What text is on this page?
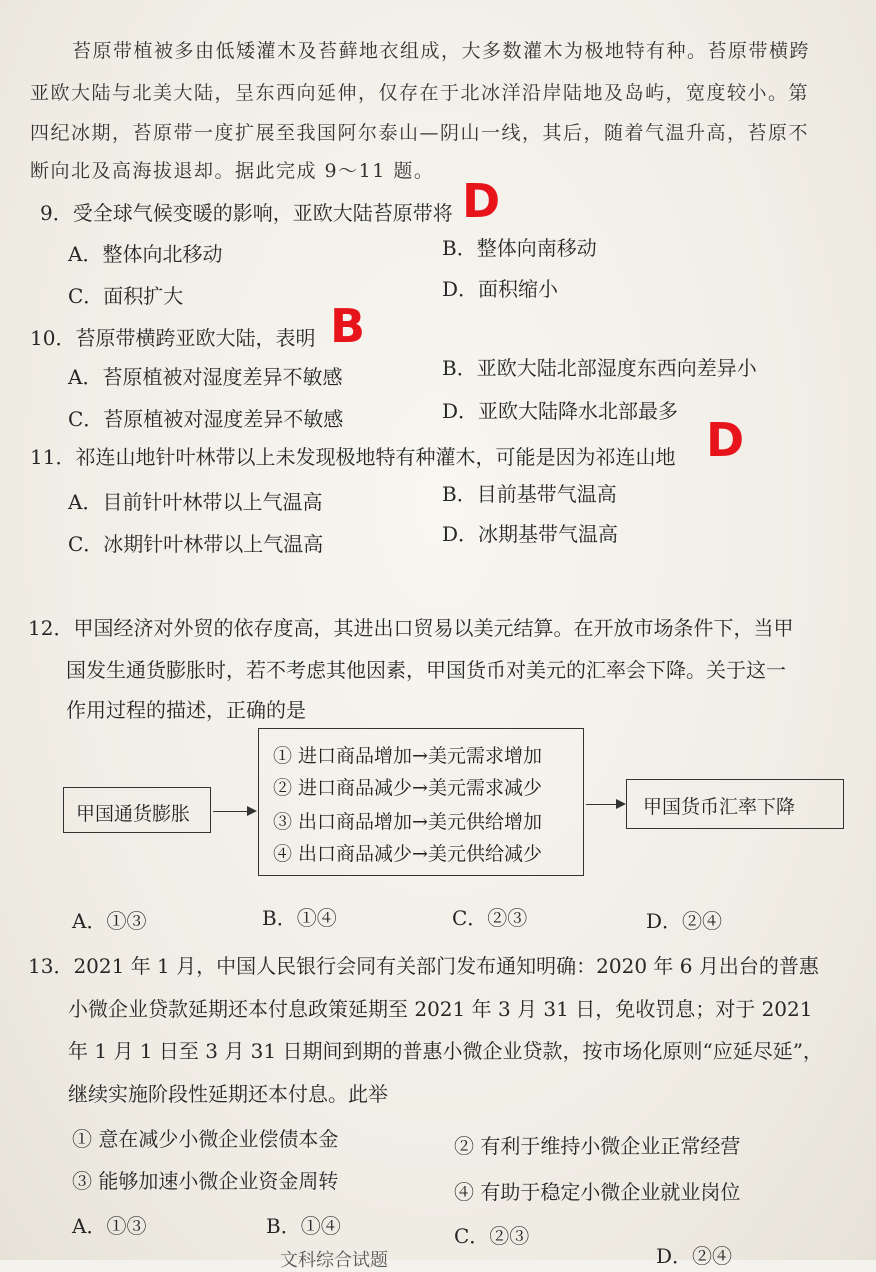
苔原带植被多由低矮灌木及苔藓地衣组成，大多数灌木为极地特有种。苔原带横跨
亚欧大陆与北美大陆，呈东西向延伸，仅存在于北冰洋沿岸陆地及岛屿，宽度较小。第
四纪冰期，苔原带一度扩展至我国阿尔泰山—阴山一线，其后，随着气温升高，苔原不
断向北及高海拔退却。据此完成 9～11 题。
9．受全球气候变暖的影响，亚欧大陆苔原带将 D
A．整体向北移动	B．整体向南移动
C．面积扩大	D．面积缩小
10．苔原带横跨亚欧大陆，表明 B
A．苔原植被对湿度差异不敏感	B．亚欧大陆北部湿度东西向差异小
C．苔原植被对湿度差异不敏感	D．亚欧大陆降水北部最多
11．祁连山地针叶林带以上未发现极地特有种灌木，可能是因为祁连山地 D
A．目前针叶林带以上气温高	B．目前基带气温高
C．冰期针叶林带以上气温高	D．冰期基带气温高
12．甲国经济对外贸的依存度高，其进出口贸易以美元结算。在开放市场条件下，当甲
国发生通货膨胀时，若不考虑其他因素，甲国货币对美元的汇率会下降。关于这一
作用过程的描述，正确的是
甲国通货膨胀
① 进口商品增加→美元需求增加
② 进口商品减少→美元需求减少
③ 出口商品增加→美元供给增加
④ 出口商品减少→美元供给减少
甲国货币汇率下降
A．①③	B．①④	C．②③	D．②④
13．2021 年 1 月，中国人民银行会同有关部门发布通知明确：2020 年 6 月出台的普惠
小微企业贷款延期还本付息政策延期至 2021 年 3 月 31 日，免收罚息；对于 2021
年 1 月 1 日至 3 月 31 日期间到期的普惠小微企业贷款，按市场化原则“应延尽延”，
继续实施阶段性延期还本付息。此举
① 意在减少小微企业偿债本金	② 有利于维持小微企业正常经营
③ 能够加速小微企业资金周转	④ 有助于稳定小微企业就业岗位
A．①③	B．①④	C．②③
D．②④
文科综合试题
